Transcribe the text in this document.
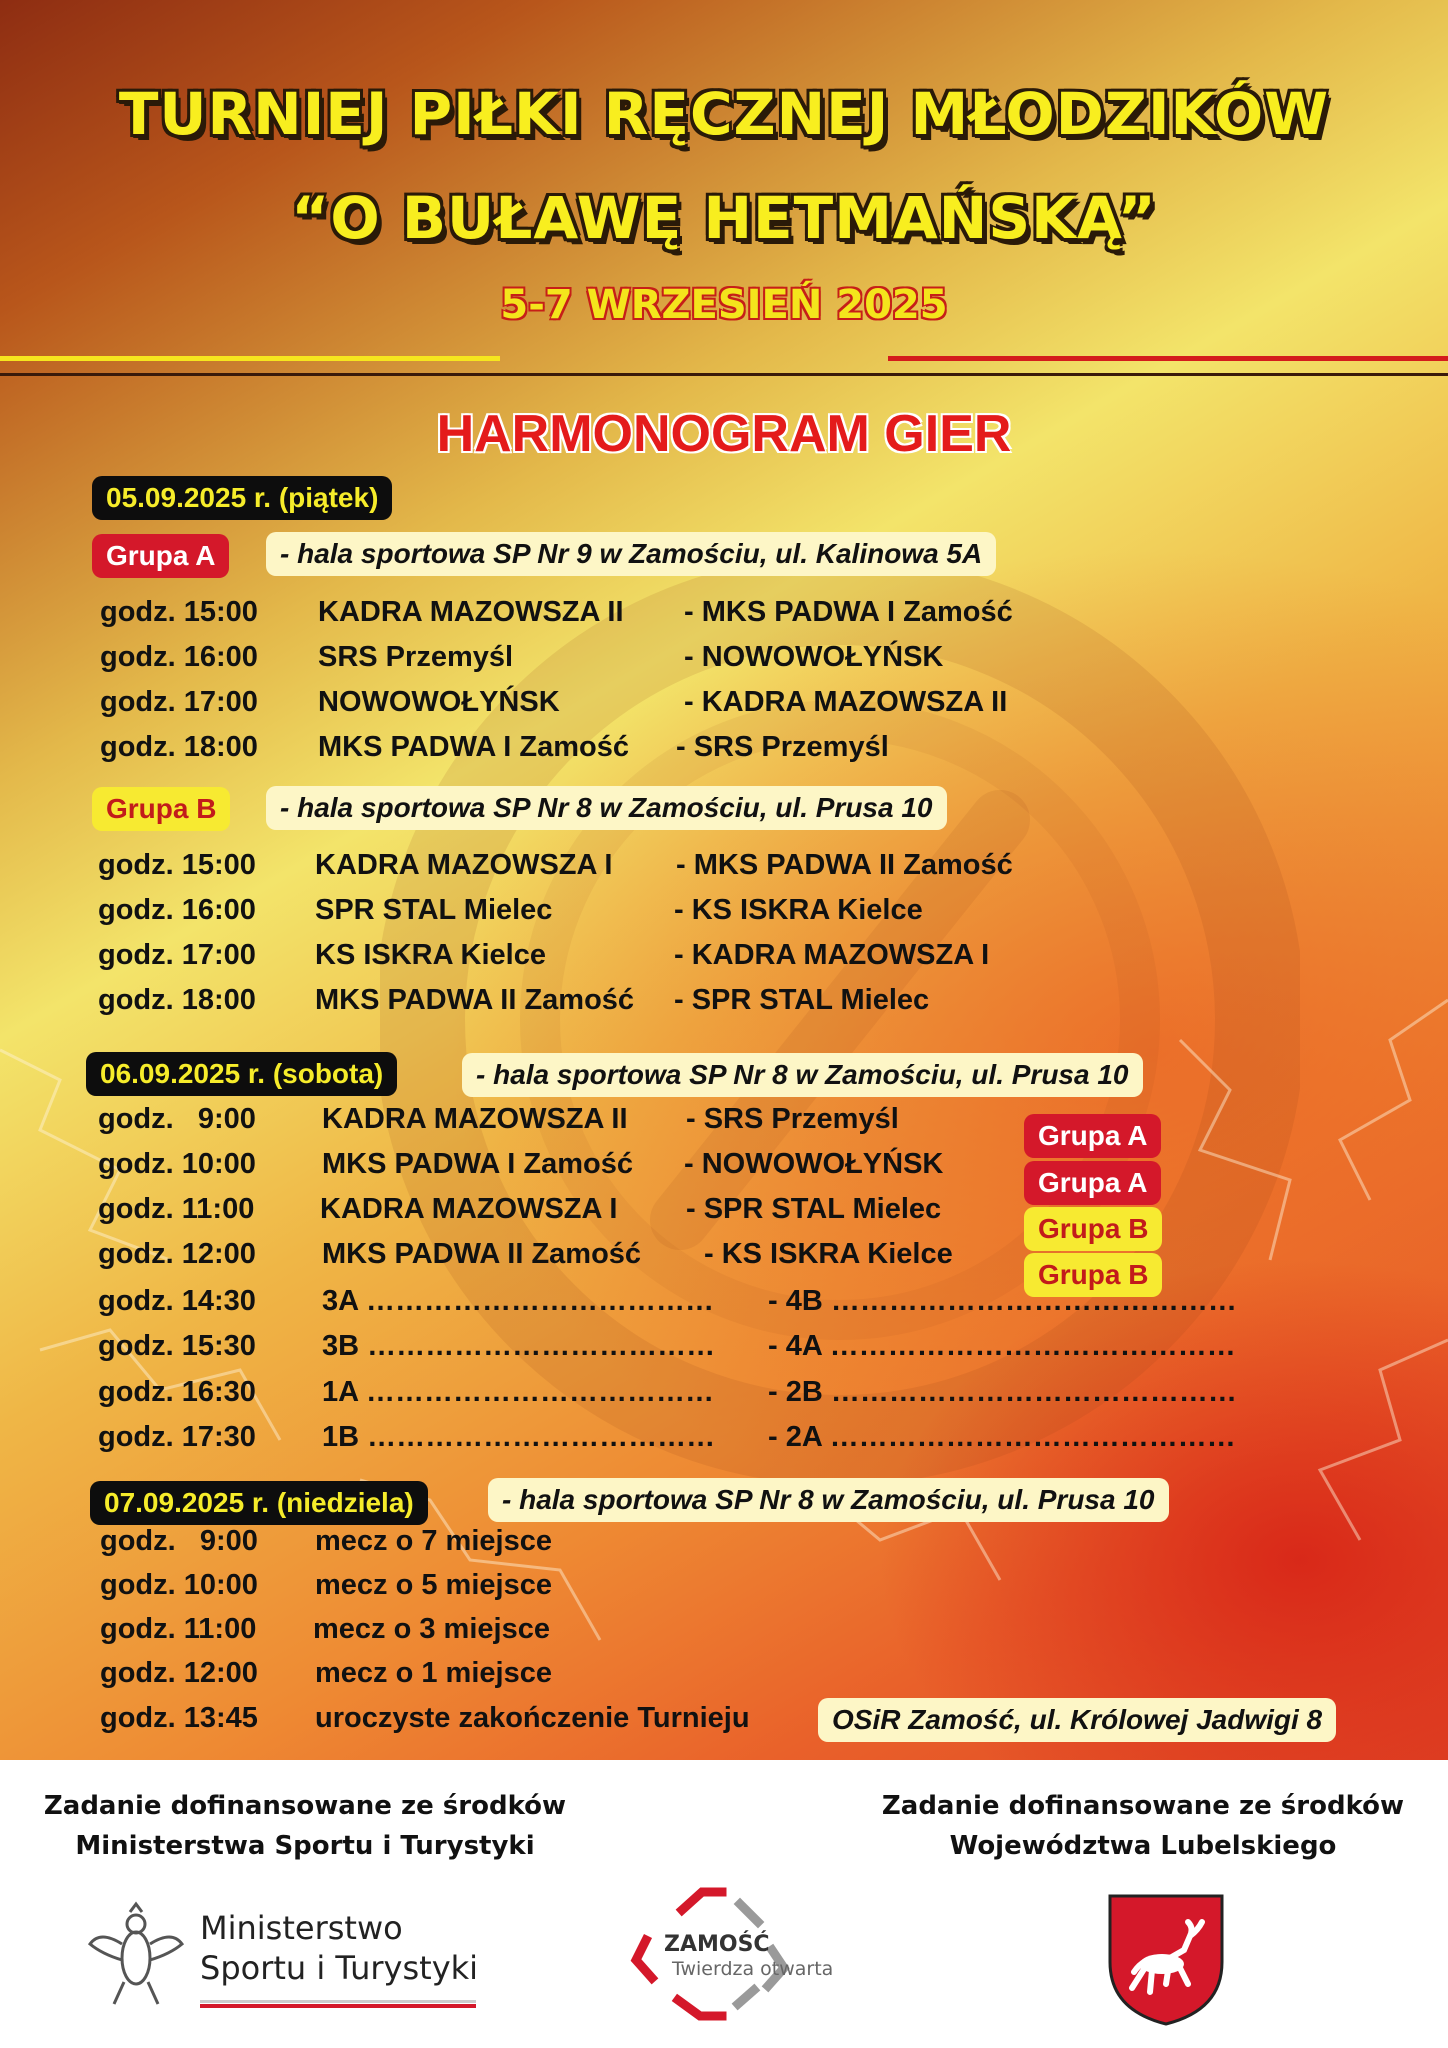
TURNIEJ PIŁKI RĘCZNEJ MŁODZIKÓW
“O BUŁAWĘ HETMAŃSKĄ”
5-7 WRZESIEŃ 2025
HARMONOGRAM GIER
05.09.2025 r. (piątek)
Grupa A	- hala sportowa SP Nr 9 w Zamościu, ul. Kalinowa 5A
godz. 15:00 KADRA MAZOWSZA II - MKS PADWA I Zamość
godz. 16:00 SRS Przemyśl	- NOWOWOŁYŃSK
godz. 17:00 NOWOWOŁYŃSK	- KADRA MAZOWSZA II
godz. 18:00 MKS PADWA I Zamość - SRS Przemyśl
Grupa B	- hala sportowa SP Nr 8 w Zamościu, ul. Prusa 10
godz. 15:00 KADRA MAZOWSZA I - MKS PADWA II Zamość
godz. 16:00 SPR STAL Mielec	- KS ISKRA Kielce
godz. 17:00 KS ISKRA Kielce	- KADRA MAZOWSZA I
godz. 18:00 MKS PADWA II Zamość - SPR STAL Mielec
06.09.2025 r. (sobota)	- hala sportowa SP Nr 8 w Zamościu, ul. Prusa 10
godz.   9:00 KADRA MAZOWSZA II - SRS Przemyśl
godz. 10:00 MKS PADWA I Zamość - NOWOWOŁYŃSK
godz. 11:00 KADRA MAZOWSZA I - SPR STAL Mielec
godz. 12:00 MKS PADWA II Zamość - KS ISKRA Kielce
Grupa A
Grupa A
Grupa B
Grupa B
godz. 14:30 3A ……………………………… - 4B ……………………………………
godz. 15:30 3B ……………………………… - 4A ……………………………………
godz. 16:30 1A ……………………………… - 2B ……………………………………
godz. 17:30 1B ……………………………… - 2A ……………………………………
07.09.2025 r. (niedziela)	- hala sportowa SP Nr 8 w Zamościu, ul. Prusa 10
godz.   9:00 mecz o 7 miejsce
godz. 10:00 mecz o 5 miejsce
godz. 11:00 mecz o 3 miejsce
godz. 12:00 mecz o 1 miejsce
godz. 13:45 uroczyste zakończenie Turnieju	OSiR Zamość, ul. Królowej Jadwigi 8
Zadanie dofinansowane ze środków
Ministerstwa Sportu i Turystyki
Zadanie dofinansowane ze środków
Województwa Lubelskiego
Ministerstwo
Sportu i Turystyki
ZAMOŚĆ
Twierdza otwarta
